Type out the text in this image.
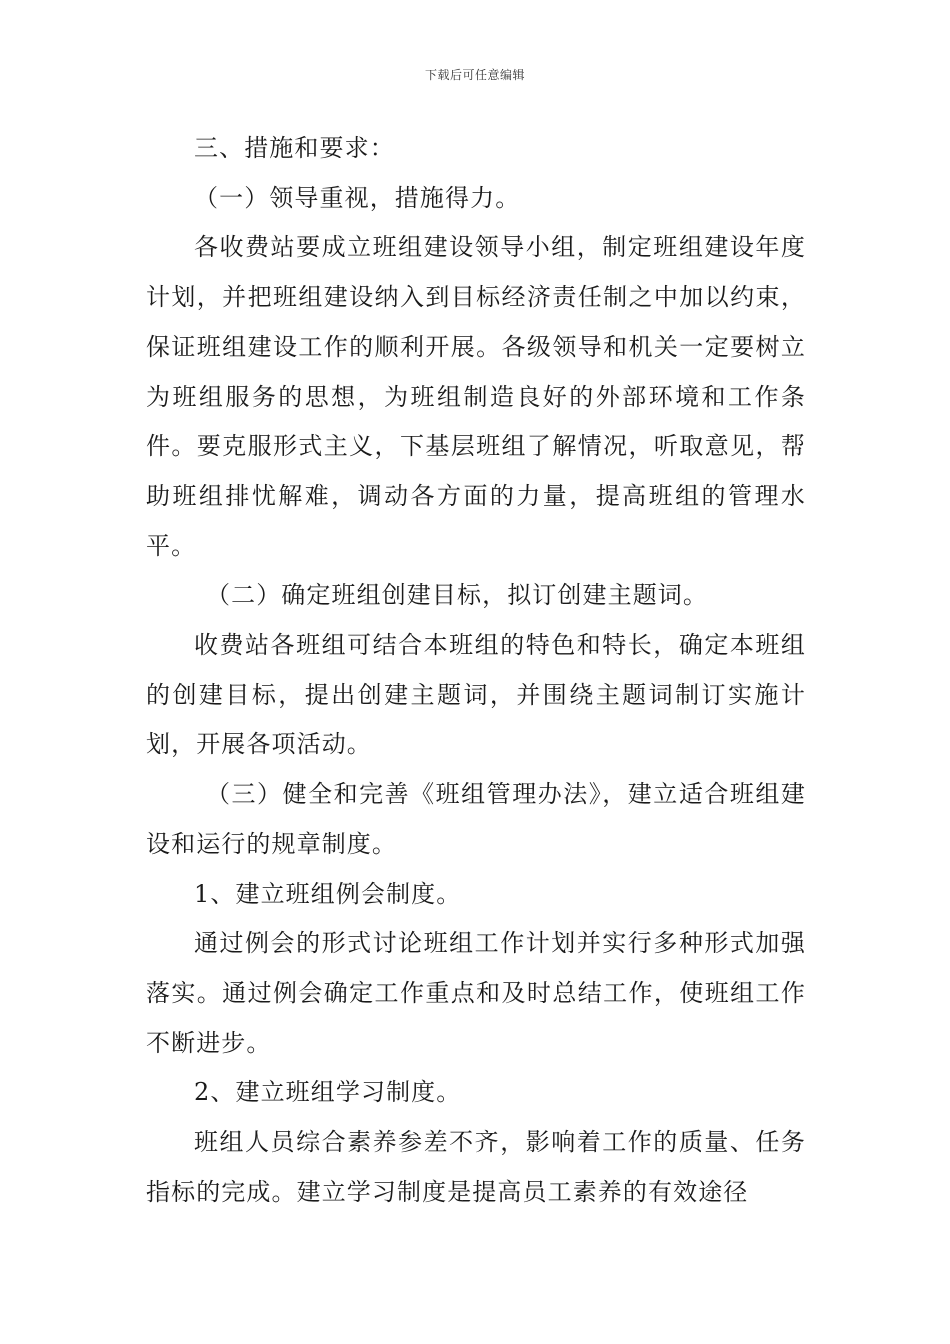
下载后可任意编辑

三、措施和要求：

（一）领导重视，措施得力。

各收费站要成立班组建设领导小组，制定班组建设年度计划，并把班组建设纳入到目标经济责任制之中加以约束，保证班组建设工作的顺利开展。各级领导和机关一定要树立为班组服务的思想，为班组制造良好的外部环境和工作条件。要克服形式主义，下基层班组了解情况，听取意见，帮助班组排忧解难，调动各方面的力量，提高班组的管理水平。

（二）确定班组创建目标，拟订创建主题词。

收费站各班组可结合本班组的特色和特长，确定本班组的创建目标，提出创建主题词，并围绕主题词制订实施计划，开展各项活动。

（三）健全和完善《班组管理办法》，建立适合班组建设和运行的规章制度。

1、建立班组例会制度。

通过例会的形式讨论班组工作计划并实行多种形式加强落实。通过例会确定工作重点和及时总结工作，使班组工作不断进步。

2、建立班组学习制度。

班组人员综合素养参差不齐，影响着工作的质量、任务指标的完成。建立学习制度是提高员工素养的有效途径
